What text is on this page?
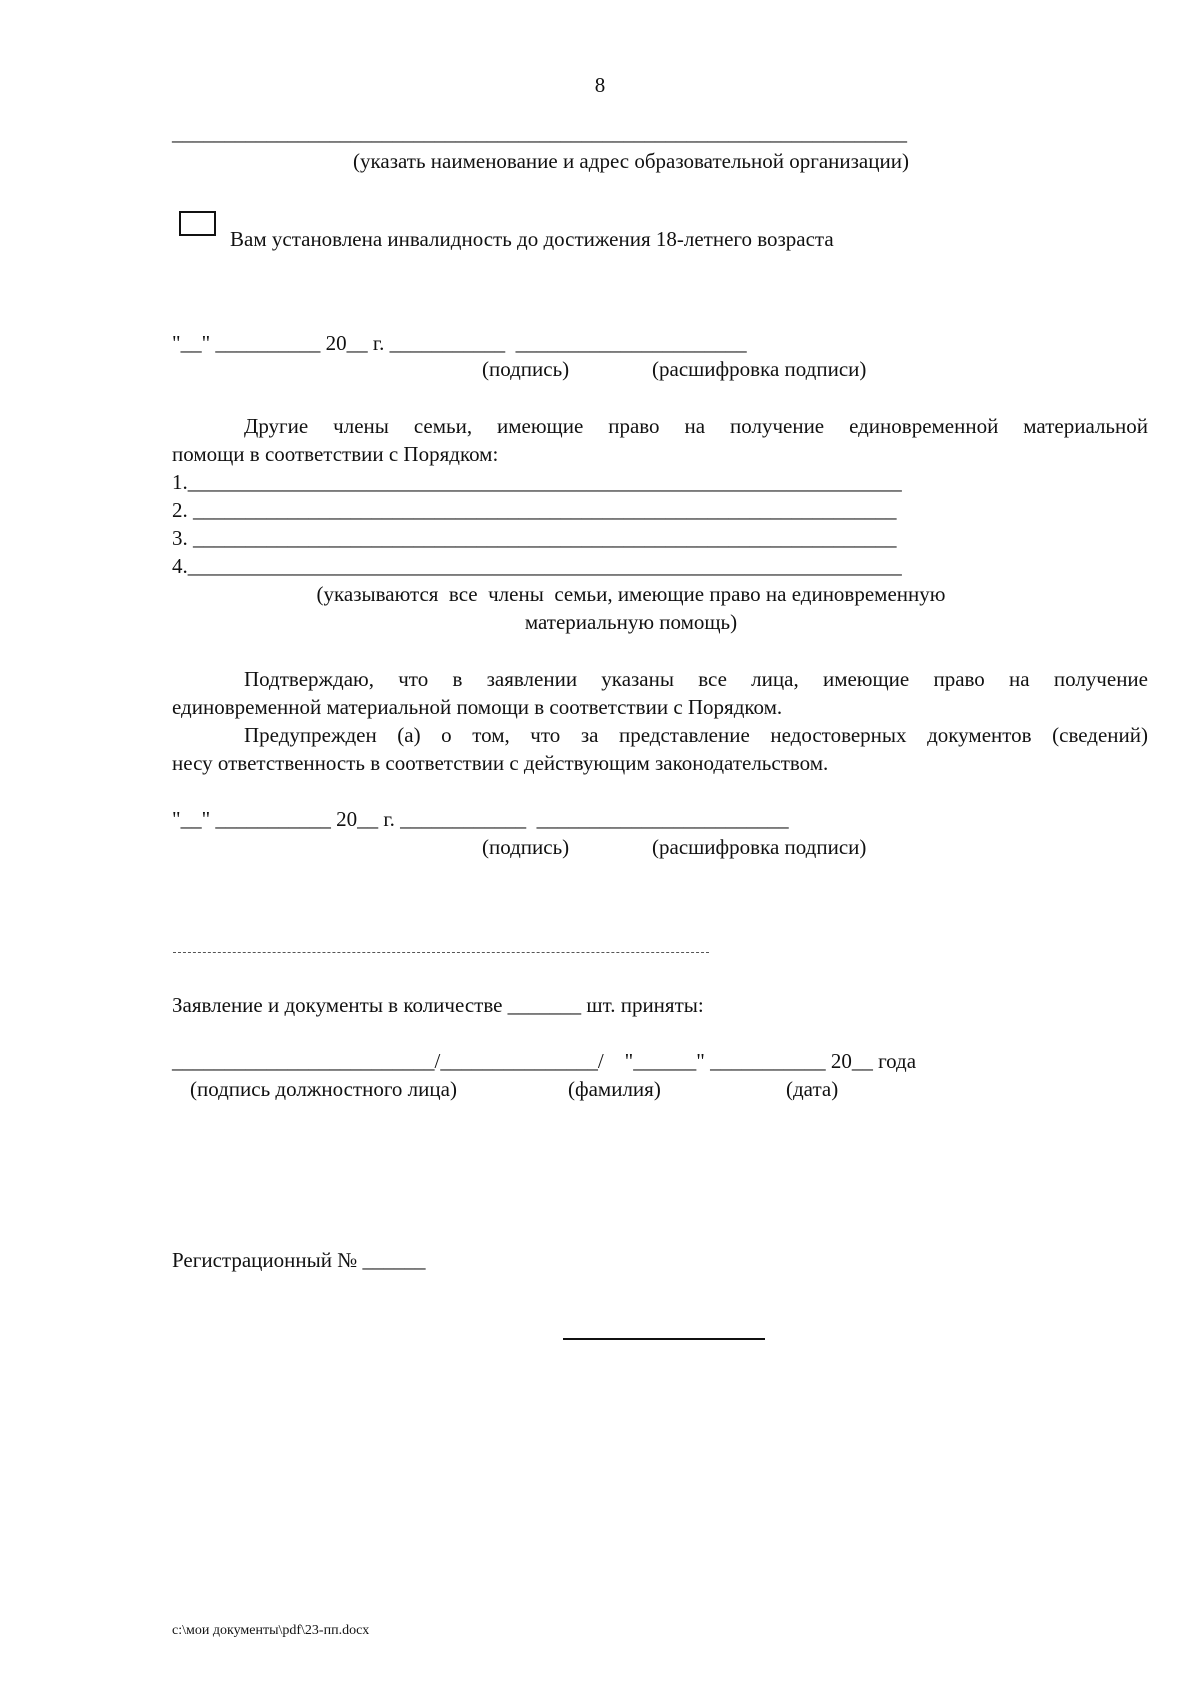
8
______________________________________________________________________
(указать наименование и адрес образовательной организации)
Вам установлена инвалидность до достижения 18-летнего возраста
"__" __________ 20__ г. ___________  ______________________
(подпись)	(расшифровка подписи)
Другие члены семьи, имеющие право на получение единовременной материальной
помощи в соответствии с Порядком:
1.____________________________________________________________________
2. ___________________________________________________________________
3. ___________________________________________________________________
4.____________________________________________________________________
(указываются  все  члены  семьи, имеющие право на единовременную
материальную помощь)
Подтверждаю, что в заявлении указаны все лица, имеющие право на получение
единовременной материальной помощи в соответствии с Порядком.
Предупрежден (а) о том, что за представление недостоверных документов (сведений)
несу ответственность в соответствии с действующим законодательством.
"__" ___________ 20__ г. ____________  ________________________
(подпись)	(расшифровка подписи)
Заявление и документы в количестве _______ шт. приняты:
_________________________/_______________/    "______" ___________ 20__ года
(подпись должностного лица)	(фамилия)	(дата)
Регистрационный № ______
c:\мои документы\pdf\23-пп.docx
